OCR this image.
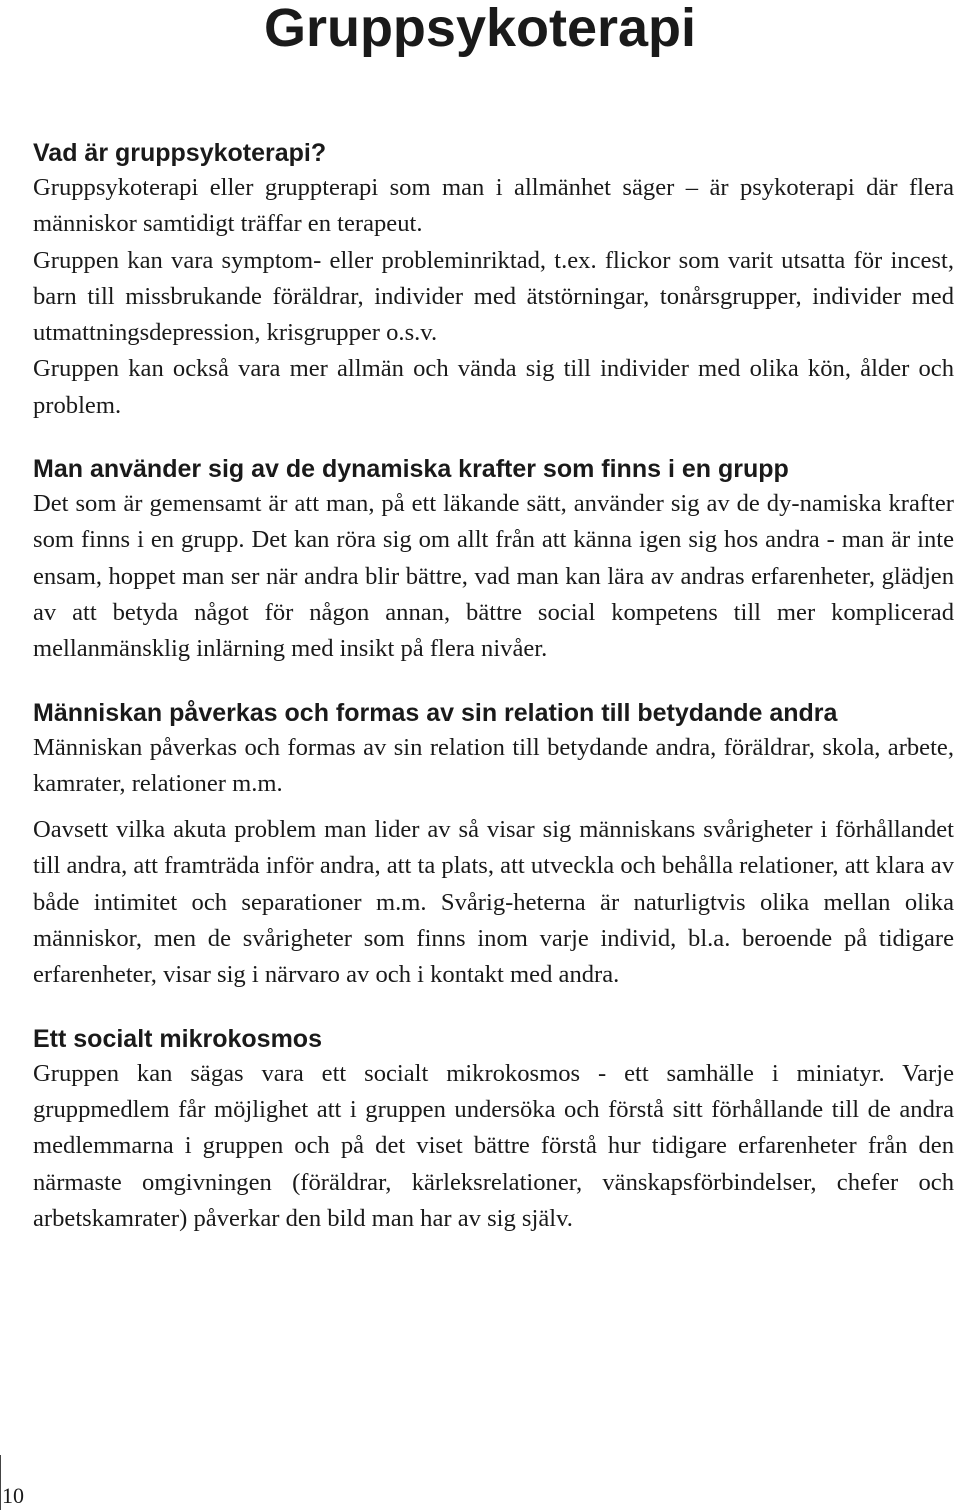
Gruppsykoterapi
Vad är gruppsykoterapi?

Gruppsykoterapi eller gruppterapi som man i allmänhet säger – är psykoterapi där flera människor samtidigt träffar en terapeut.

Gruppen kan vara symptom- eller probleminriktad, t.ex. flickor som varit utsatta för incest, barn till missbrukande föräldrar, individer med ätstörningar, tonårsgrupper, individer med utmattningsdepression, krisgrupper o.s.v.

Gruppen kan också vara mer allmän och vända sig till individer med olika kön, ålder och problem.

Man använder sig av de dynamiska krafter som finns i en grupp

Det som är gemensamt är att man, på ett läkande sätt, använder sig av de dy-namiska krafter som finns i en grupp. Det kan röra sig om allt från att känna igen sig hos andra - man är inte ensam, hoppet man ser när andra blir bättre, vad man kan lära av andras erfarenheter, glädjen av att betyda något för någon annan, bättre social kompetens till mer komplicerad mellanmänsklig inlärning med insikt på flera nivåer.

Människan påverkas och formas av sin relation till betydande andra

Människan påverkas och formas av sin relation till betydande andra, föräldrar, skola, arbete, kamrater, relationer m.m.

Oavsett vilka akuta problem man lider av så visar sig människans svårigheter i förhållandet till andra, att framträda inför andra, att ta plats, att utveckla och behålla relationer, att klara av både intimitet och separationer m.m. Svårig-heterna är naturligtvis olika mellan olika människor, men de svårigheter som finns inom varje individ, bl.a. beroende på tidigare erfarenheter, visar sig i närvaro av och i kontakt med andra.

Ett socialt mikrokosmos

Gruppen kan sägas vara ett socialt mikrokosmos - ett samhälle i miniatyr. Varje gruppmedlem får möjlighet att i gruppen undersöka och förstå sitt förhållande till de andra medlemmarna i gruppen och på det viset bättre förstå hur tidigare erfarenheter från den närmaste omgivningen (föräldrar, kärleksrelationer, vänskapsförbindelser, chefer och arbetskamrater) påverkar den bild man har av sig själv.

10
